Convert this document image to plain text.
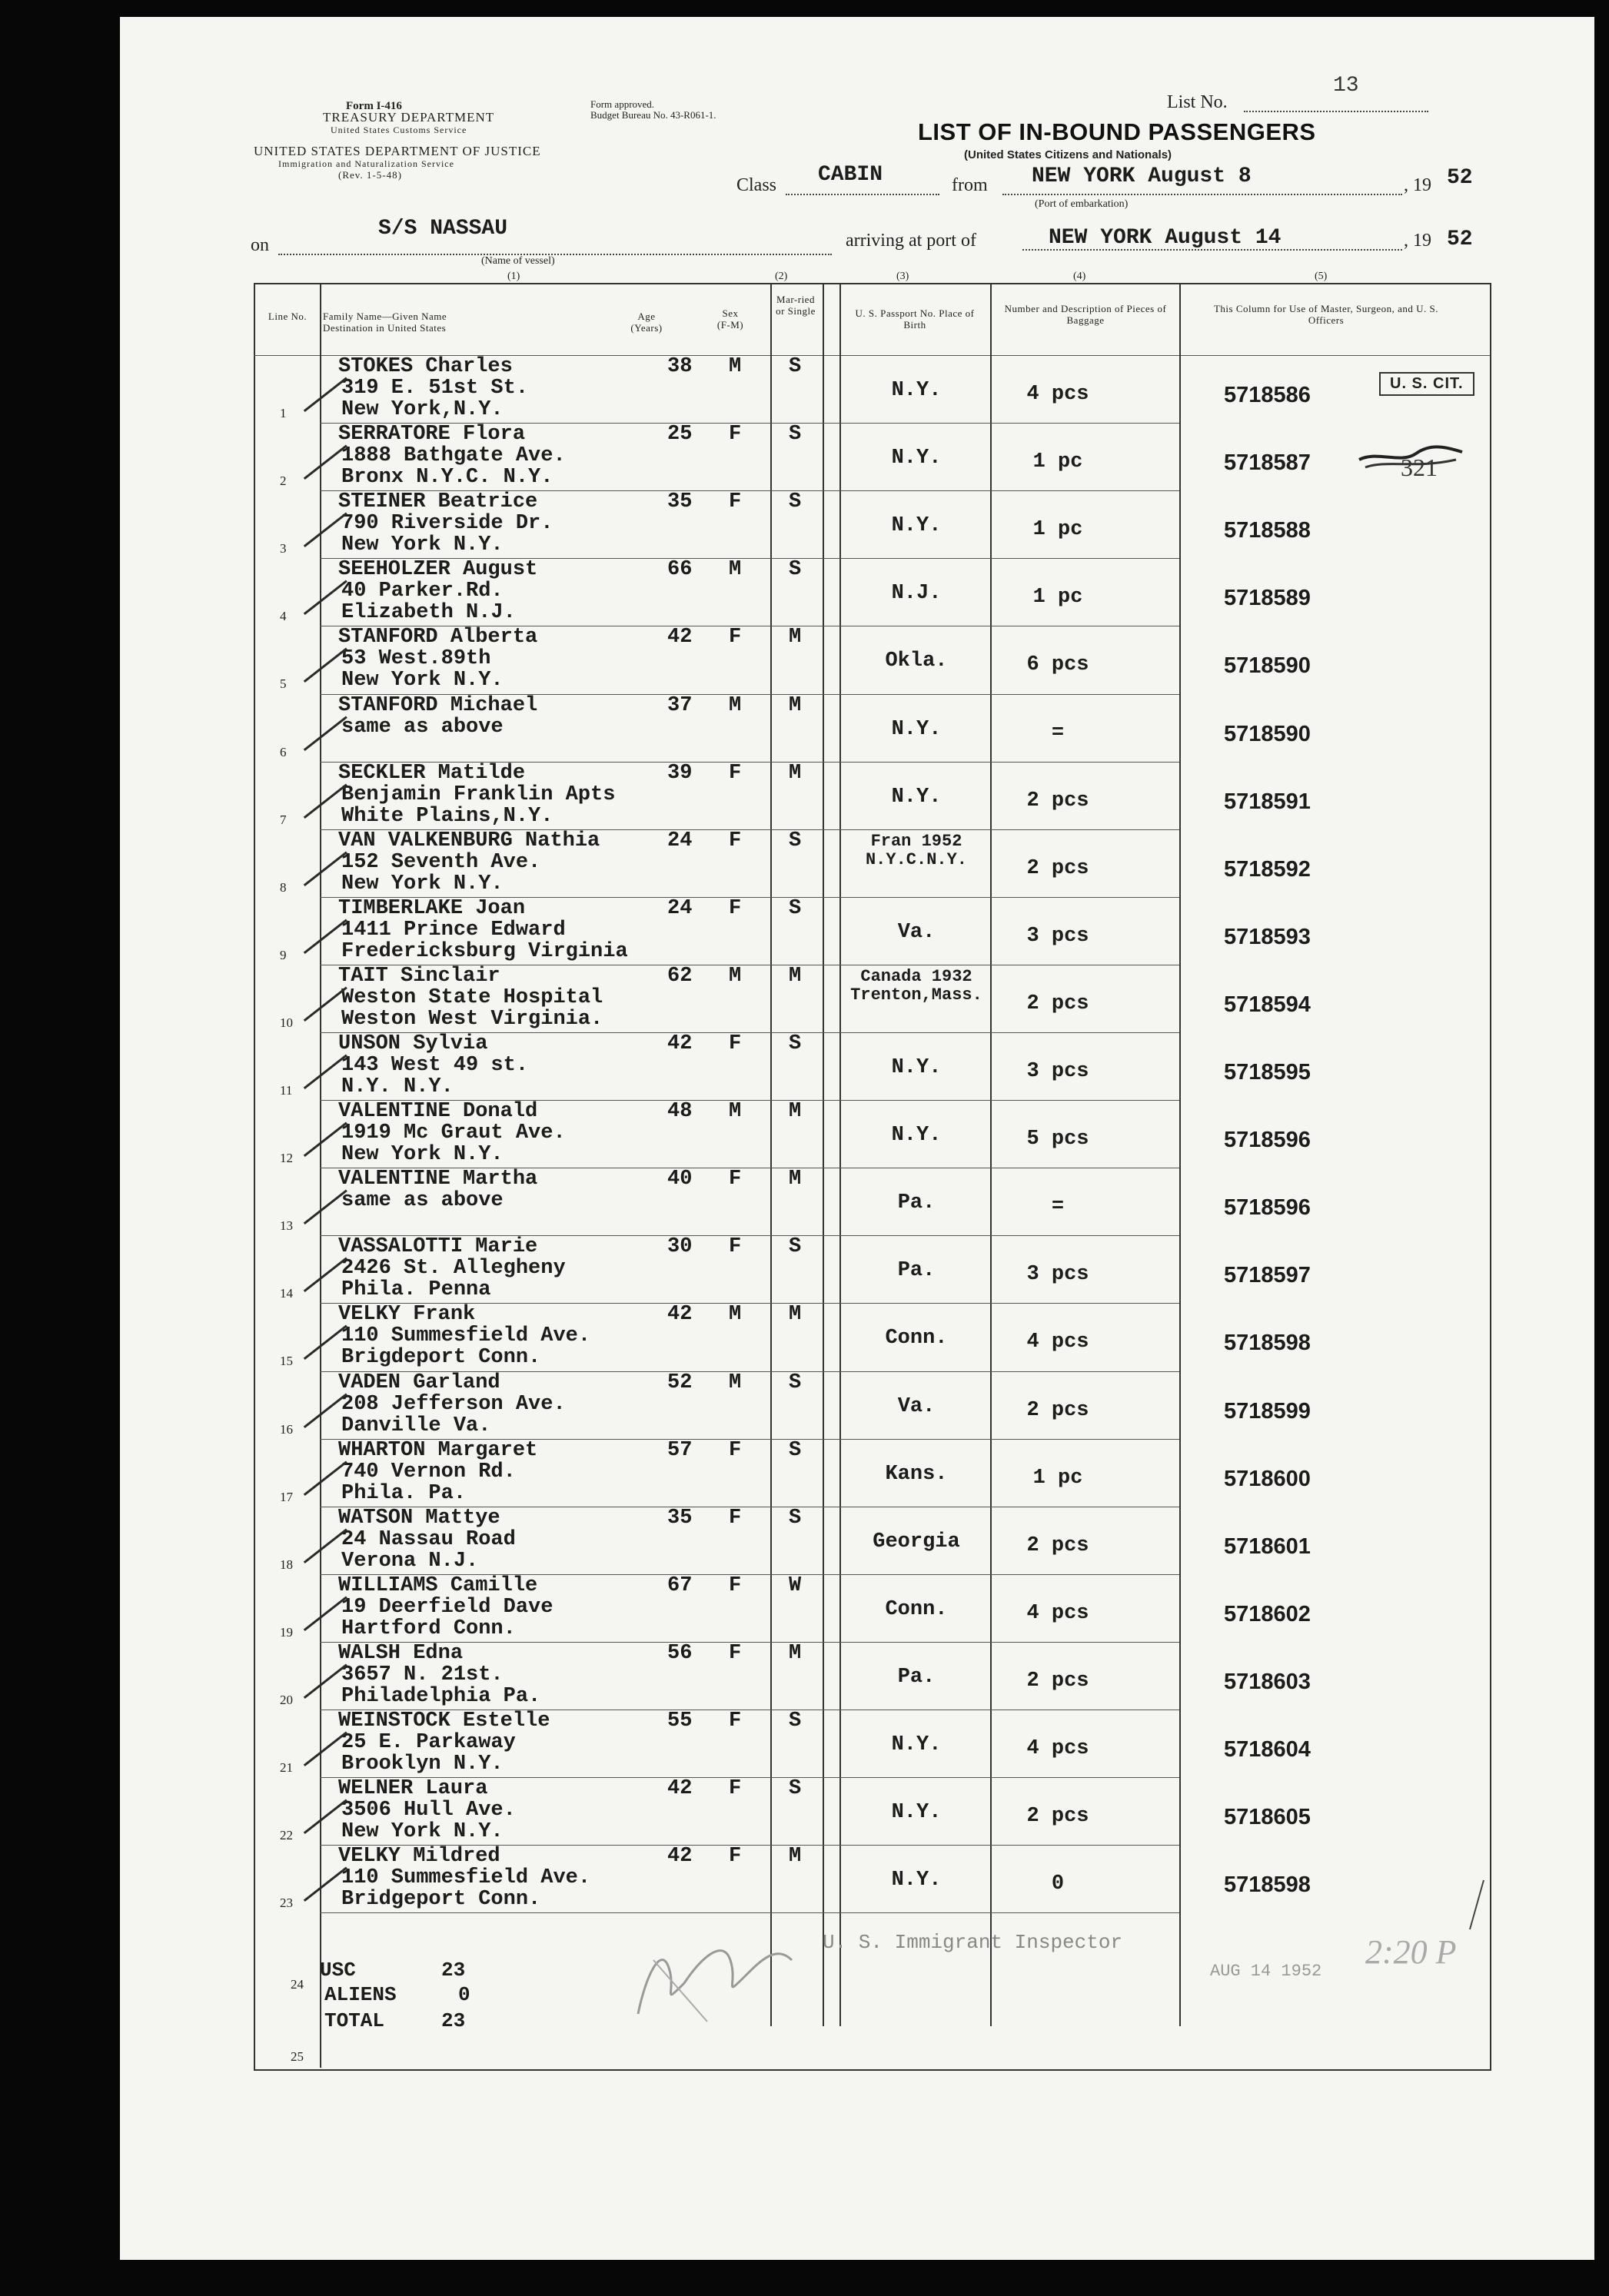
Form I-416
TREASURY DEPARTMENT
United States Customs Service
UNITED STATES DEPARTMENT OF JUSTICE
Immigration and Naturalization Service
(Rev. 1-5-48)
Form approved.
Budget Bureau No. 43-R061-1.
List No.
13
LIST OF IN-BOUND PASSENGERS
(United States Citizens and Nationals)
Class CABIN	from NEW YORK August 8	, 19 52
(Port of embarkation)
on
S/S NASSAU
(Name of vessel)
arriving at port of	NEW YORK August 14	, 19 52
(1)	(2)	(3)	(4)	(5)
Line No.	Family Name—Given Name
Destination in United States
Age (Years)
Sex (F-M)
Mar-ried or Single	U. S. Passport No. Place of Birth
Number and Description of Pieces of Baggage
This Column for Use of Master, Surgeon, and U. S. Officers
1
STOKES Charles
319 E. 51st St.
New York,N.Y.
38 M S
N.Y.	4 pcs	5718586
2
SERRATORE Flora
1888 Bathgate Ave.
Bronx N.Y.C. N.Y.
25 F S
N.Y.	1 pc	5718587
3
STEINER Beatrice
790 Riverside Dr.
New York N.Y.
35 F S
N.Y.	1 pc	5718588
4
SEEHOLZER August
40 Parker.Rd.
Elizabeth N.J.
66 M S
N.J.	1 pc	5718589
5
STANFORD Alberta
53 West.89th
New York N.Y.
42 F M
Okla.	6 pcs	5718590
6
STANFORD Michael
same as above
37 M M
N.Y.	=	5718590
7
SECKLER Matilde
Benjamin Franklin Apts
White Plains,N.Y.
39 F M
N.Y.	2 pcs	5718591
8
VAN VALKENBURG Nathia
152 Seventh Ave.
New York N.Y.
24 F S	Fran 1952 N.Y.C.N.Y.	2 pcs	5718592
9
TIMBERLAKE Joan
1411 Prince Edward
Fredericksburg Virginia
24 F S
Va.	3 pcs	5718593
10
TAIT Sinclair
Weston State Hospital
Weston West Virginia.
62 M M	Canada 1932 Trenton,Mass.	2 pcs	5718594
11
UNSON Sylvia
143 West 49 st.
N.Y. N.Y.
42 F S
N.Y.	3 pcs	5718595
12
VALENTINE Donald
1919 Mc Graut Ave.
New York N.Y.
48 M M
N.Y.	5 pcs	5718596
13
VALENTINE Martha
same as above
40 F M
Pa.	=	5718596
14
VASSALOTTI Marie
2426 St. Allegheny
Phila. Penna
30 F S
Pa.	3 pcs	5718597
15
VELKY Frank
110 Summesfield Ave.
Brigdeport Conn.
42 M M
Conn.	4 pcs	5718598
16
VADEN Garland
208 Jefferson Ave.
Danville Va.
52 M S
Va.	2 pcs	5718599
17
WHARTON Margaret
740 Vernon Rd.
Phila. Pa.
57 F S
Kans.	1 pc	5718600
18
WATSON Mattye
24 Nassau Road
Verona N.J.
35 F S
Georgia	2 pcs	5718601
19
WILLIAMS Camille
19 Deerfield Dave
Hartford Conn.
67 F W
Conn.	4 pcs	5718602
20
WALSH Edna
3657 N. 21st.
Philadelphia Pa.
56 F M
Pa.	2 pcs	5718603
21
WEINSTOCK Estelle
25 E. Parkaway
Brooklyn N.Y.
55 F S
N.Y.	4 pcs	5718604
22
WELNER Laura
3506 Hull Ave.
New York N.Y.
42 F S
N.Y.	2 pcs	5718605
23
VELKY Mildred
110 Summesfield Ave.
Bridgeport Conn.
42 F M
N.Y.	0	5718598
U. S. CIT.
321
USC	23
ALIENS	0
TOTAL	23
24
25
U. S. Immigrant Inspector
AUG 14 1952
2:20 P
